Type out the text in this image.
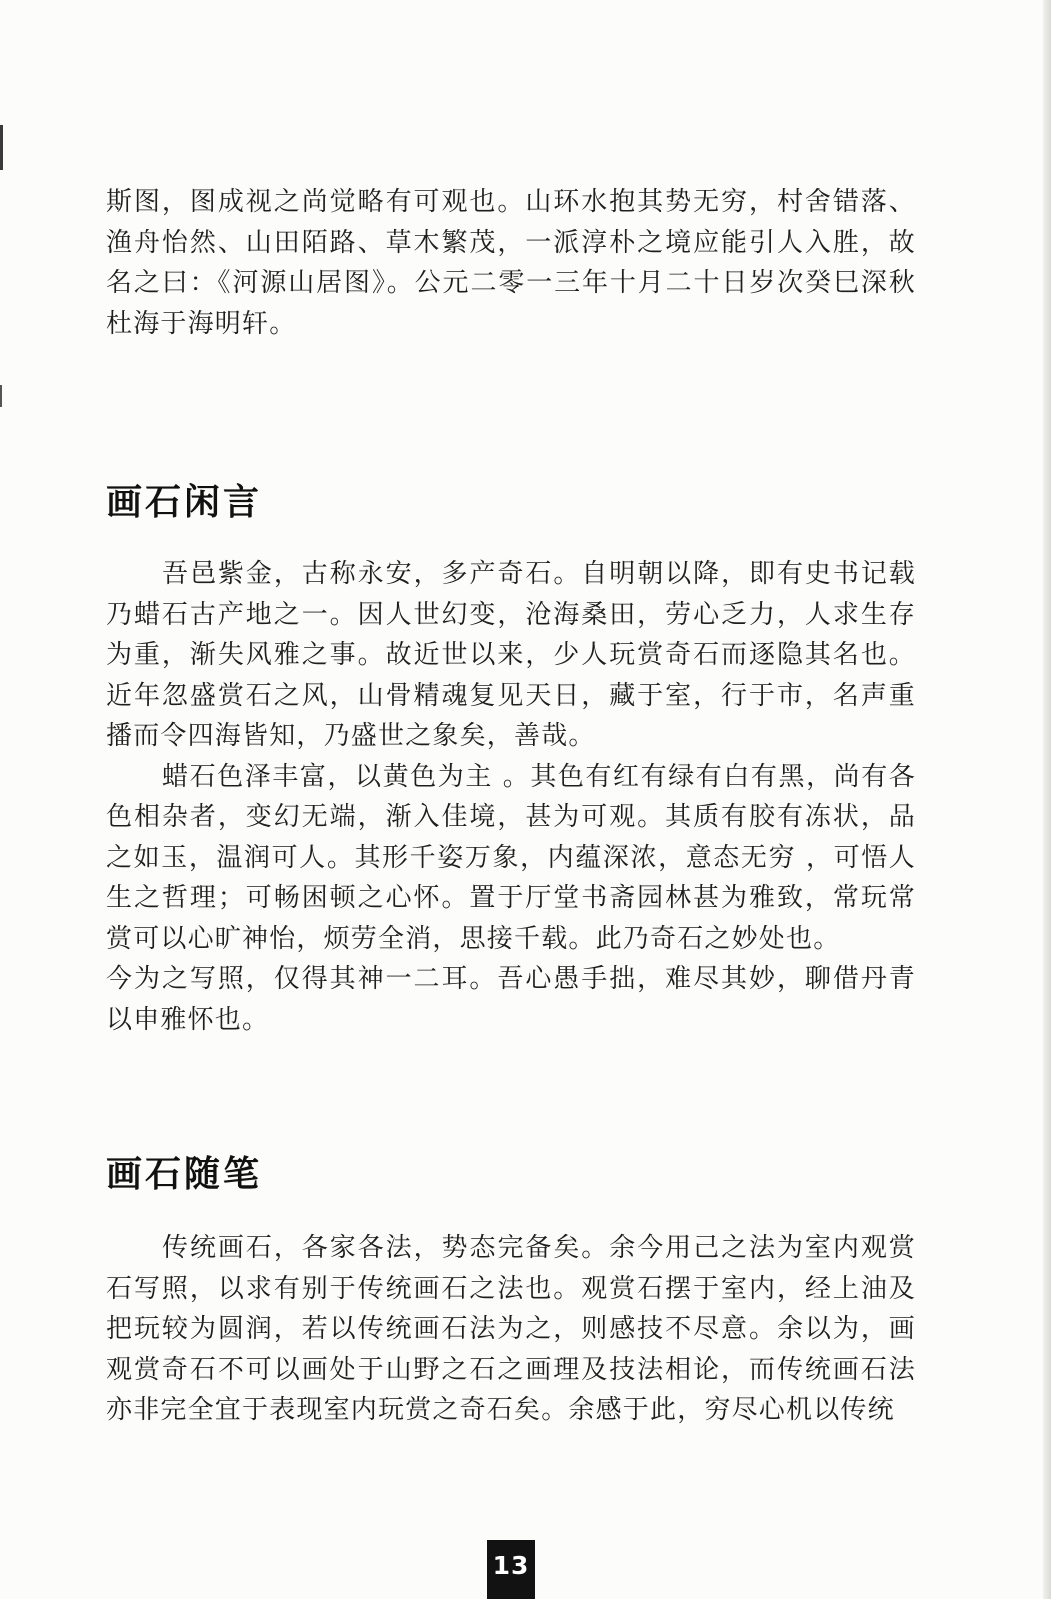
斯图，图成视之尚觉略有可观也。山环水抱其势无穷，村舍错落、渔舟怡然、山田陌路、草木繁茂，一派淳朴之境应能引人入胜，故名之曰：《河源山居图》。公元二零一三年十月二十日岁次癸巳深秋杜海于海明轩。

画石闲言

吾邑紫金，古称永安，多产奇石。自明朝以降，即有史书记载乃蜡石古产地之一。因人世幻变，沧海桑田，劳心乏力，人求生存为重，渐失风雅之事。故近世以来，少人玩赏奇石而逐隐其名也。近年忽盛赏石之风，山骨精魂复见天日，藏于室，行于市，名声重播而令四海皆知，乃盛世之象矣，善哉。

蜡石色泽丰富，以黄色为主 。其色有红有绿有白有黑，尚有各色相杂者，变幻无端，渐入佳境，甚为可观。其质有胶有冻状，品之如玉，温润可人。其形千姿万象，内蕴深浓，意态无穷 ，可悟人生之哲理；可畅困顿之心怀。置于厅堂书斋园林甚为雅致，常玩常赏可以心旷神怡，烦劳全消，思接千载。此乃奇石之妙处也。

今为之写照，仅得其神一二耳。吾心愚手拙，难尽其妙，聊借丹青以申雅怀也。

画石随笔

传统画石，各家各法，势态完备矣。余今用己之法为室内观赏石写照，以求有别于传统画石之法也。观赏石摆于室内，经上油及把玩较为圆润，若以传统画石法为之，则感技不尽意。余以为，画观赏奇石不可以画处于山野之石之画理及技法相论，而传统画石法亦非完全宜于表现室内玩赏之奇石矣。余感于此，穷尽心机以传统

13
